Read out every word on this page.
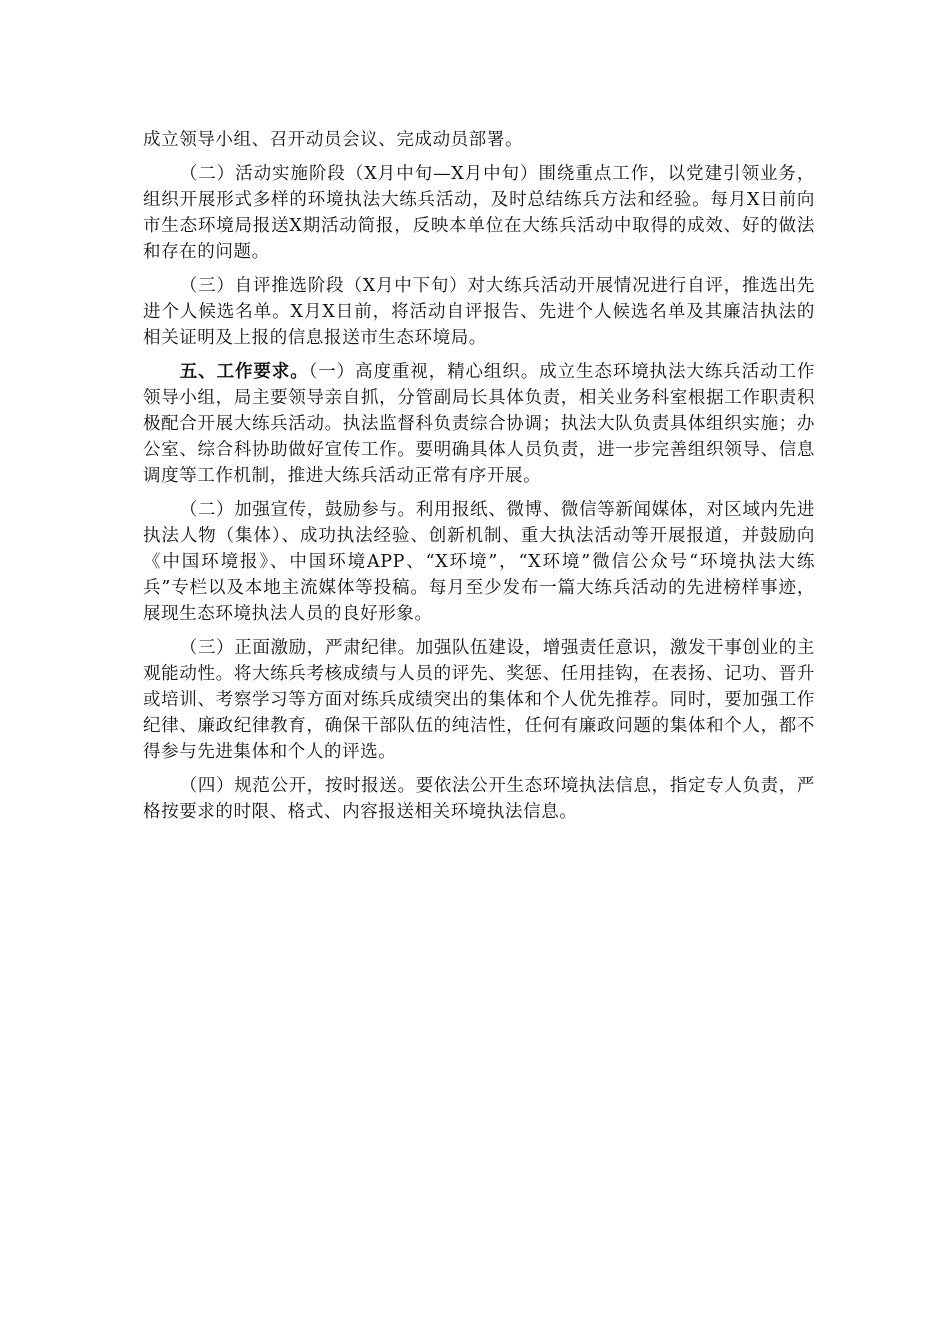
成立领导小组、召开动员会议、完成动员部署。

（二）活动实施阶段（X月中旬—X月中旬）围绕重点工作，以党建引领业务，组织开展形式多样的环境执法大练兵活动，及时总结练兵方法和经验。每月X日前向市生态环境局报送X期活动简报，反映本单位在大练兵活动中取得的成效、好的做法和存在的问题。

（三）自评推选阶段（X月中下旬）对大练兵活动开展情况进行自评，推选出先进个人候选名单。X月X日前，将活动自评报告、先进个人候选名单及其廉洁执法的相关证明及上报的信息报送市生态环境局。

五、工作要求。（一）高度重视，精心组织。成立生态环境执法大练兵活动工作领导小组，局主要领导亲自抓，分管副局长具体负责，相关业务科室根据工作职责积极配合开展大练兵活动。执法监督科负责综合协调；执法大队负责具体组织实施；办公室、综合科协助做好宣传工作。要明确具体人员负责，进一步完善组织领导、信息调度等工作机制，推进大练兵活动正常有序开展。

（二）加强宣传，鼓励参与。利用报纸、微博、微信等新闻媒体，对区域内先进执法人物（集体）、成功执法经验、创新机制、重大执法活动等开展报道，并鼓励向《中国环境报》、中国环境APP、“X环境”，“X环境”微信公众号“环境执法大练兵”专栏以及本地主流媒体等投稿。每月至少发布一篇大练兵活动的先进榜样事迹，展现生态环境执法人员的良好形象。

（三）正面激励，严肃纪律。加强队伍建设，增强责任意识，激发干事创业的主观能动性。将大练兵考核成绩与人员的评先、奖惩、任用挂钩，在表扬、记功、晋升或培训、考察学习等方面对练兵成绩突出的集体和个人优先推荐。同时，要加强工作纪律、廉政纪律教育，确保干部队伍的纯洁性，任何有廉政问题的集体和个人，都不得参与先进集体和个人的评选。

（四）规范公开，按时报送。要依法公开生态环境执法信息，指定专人负责，严格按要求的时限、格式、内容报送相关环境执法信息。
